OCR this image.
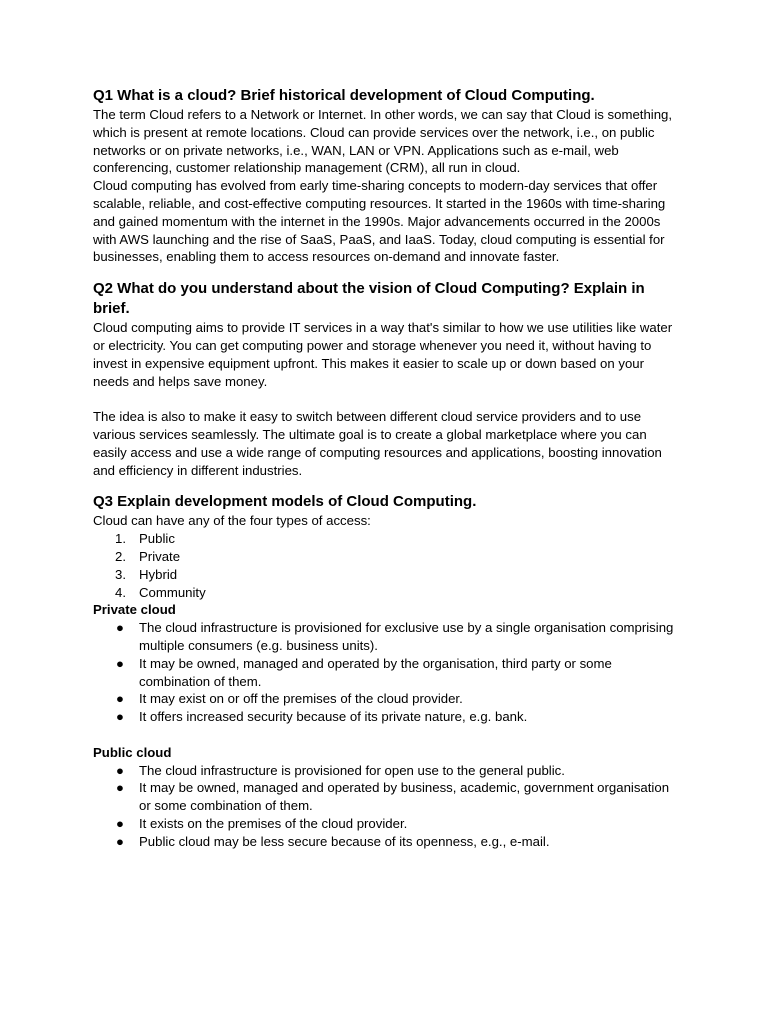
Q1 What is a cloud? Brief historical development of Cloud Computing.

The term Cloud refers to a Network or Internet. In other words, we can say that Cloud is something, which is present at remote locations. Cloud can provide services over the network, i.e., on public networks or on private networks, i.e., WAN, LAN or VPN. Applications such as e-mail, web conferencing, customer relationship management (CRM), all run in cloud.

Cloud computing has evolved from early time-sharing concepts to modern-day services that offer scalable, reliable, and cost-effective computing resources. It started in the 1960s with time-sharing and gained momentum with the internet in the 1990s. Major advancements occurred in the 2000s with AWS launching and the rise of SaaS, PaaS, and IaaS. Today, cloud computing is essential for businesses, enabling them to access resources on-demand and innovate faster.

Q2 What do you understand about the vision of Cloud Computing? Explain in brief.

Cloud computing aims to provide IT services in a way that's similar to how we use utilities like water or electricity. You can get computing power and storage whenever you need it, without having to invest in expensive equipment upfront. This makes it easier to scale up or down based on your needs and helps save money.

The idea is also to make it easy to switch between different cloud service providers and to use various services seamlessly. The ultimate goal is to create a global marketplace where you can easily access and use a wide range of computing resources and applications, boosting innovation and efficiency in different industries.

Q3 Explain development models of Cloud Computing.

Cloud can have any of the four types of access:

1. Public
2. Private
3. Hybrid
4. Community

Private cloud

● The cloud infrastructure is provisioned for exclusive use by a single organisation comprising multiple consumers (e.g. business units).
● It may be owned, managed and operated by the organisation, third party or some combination of them.
● It may exist on or off the premises of the cloud provider.
● It offers increased security because of its private nature, e.g. bank.

Public cloud

● The cloud infrastructure is provisioned for open use to the general public.
● It may be owned, managed and operated by business, academic, government organisation or some combination of them.
● It exists on the premises of the cloud provider.
● Public cloud may be less secure because of its openness, e.g., e-mail.
